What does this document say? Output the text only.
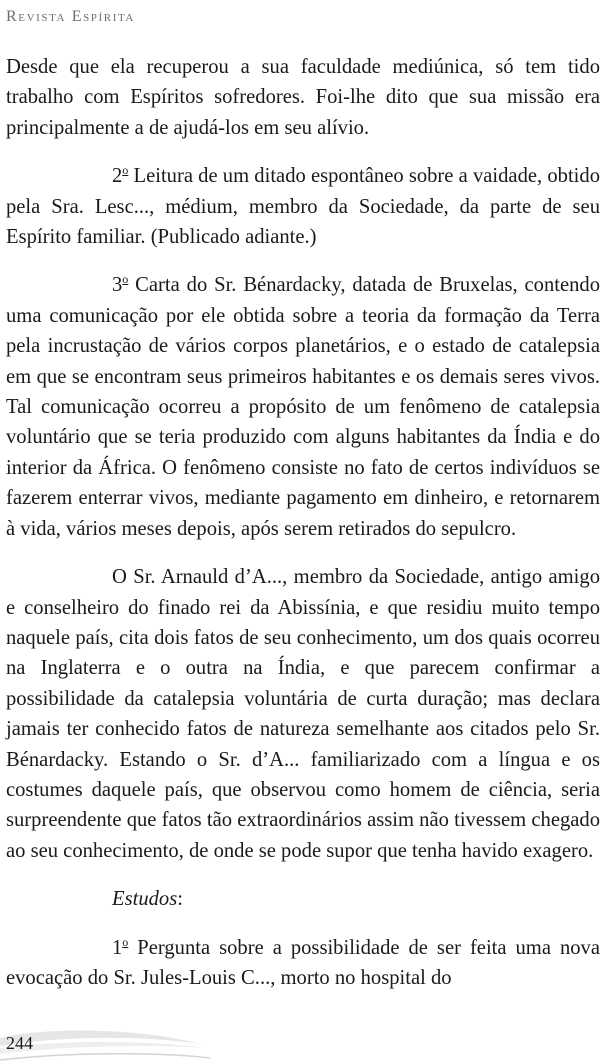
Revista Espírita

Desde que ela recuperou a sua faculdade mediúnica, só tem tido trabalho com Espíritos sofredores. Foi-lhe dito que sua missão era principalmente a de ajudá-los em seu alívio.

2$^o$ Leitura de um ditado espontâneo sobre a vaidade, obtido pela Sra. Lesc..., médium, membro da Sociedade, da parte de seu Espírito familiar. (Publicado adiante.)

3$^o$ Carta do Sr. Bénardacky, datada de Bruxelas, contendo uma comunicação por ele obtida sobre a teoria da formação da Terra pela incrustação de vários corpos planetários, e o estado de catalepsia em que se encontram seus primeiros habitantes e os demais seres vivos. Tal comunicação ocorreu a propósito de um fenômeno de catalepsia voluntário que se teria produzido com alguns habitantes da Índia e do interior da África. O fenômeno consiste no fato de certos indivíduos se fazerem enterrar vivos, mediante pagamento em dinheiro, e retornarem à vida, vários meses depois, após serem retirados do sepulcro.

O Sr. Arnauld d’A..., membro da Sociedade, antigo amigo e conselheiro do finado rei da Abissínia, e que residiu muito tempo naquele país, cita dois fatos de seu conhecimento, um dos quais ocorreu na Inglaterra e o outra na Índia, e que parecem confirmar a possibilidade da catalepsia voluntária de curta duração; mas declara jamais ter conhecido fatos de natureza semelhante aos citados pelo Sr. Bénardacky. Estando o Sr. d’A... familiarizado com a língua e os costumes daquele país, que observou como homem de ciência, seria surpreendente que fatos tão extraordinários assim não tivessem chegado ao seu conhecimento, de onde se pode supor que tenha havido exagero.

Estudos:

1$^o$ Pergunta sobre a possibilidade de ser feita uma nova evocação do Sr. Jules-Louis C..., morto no hospital do

244
